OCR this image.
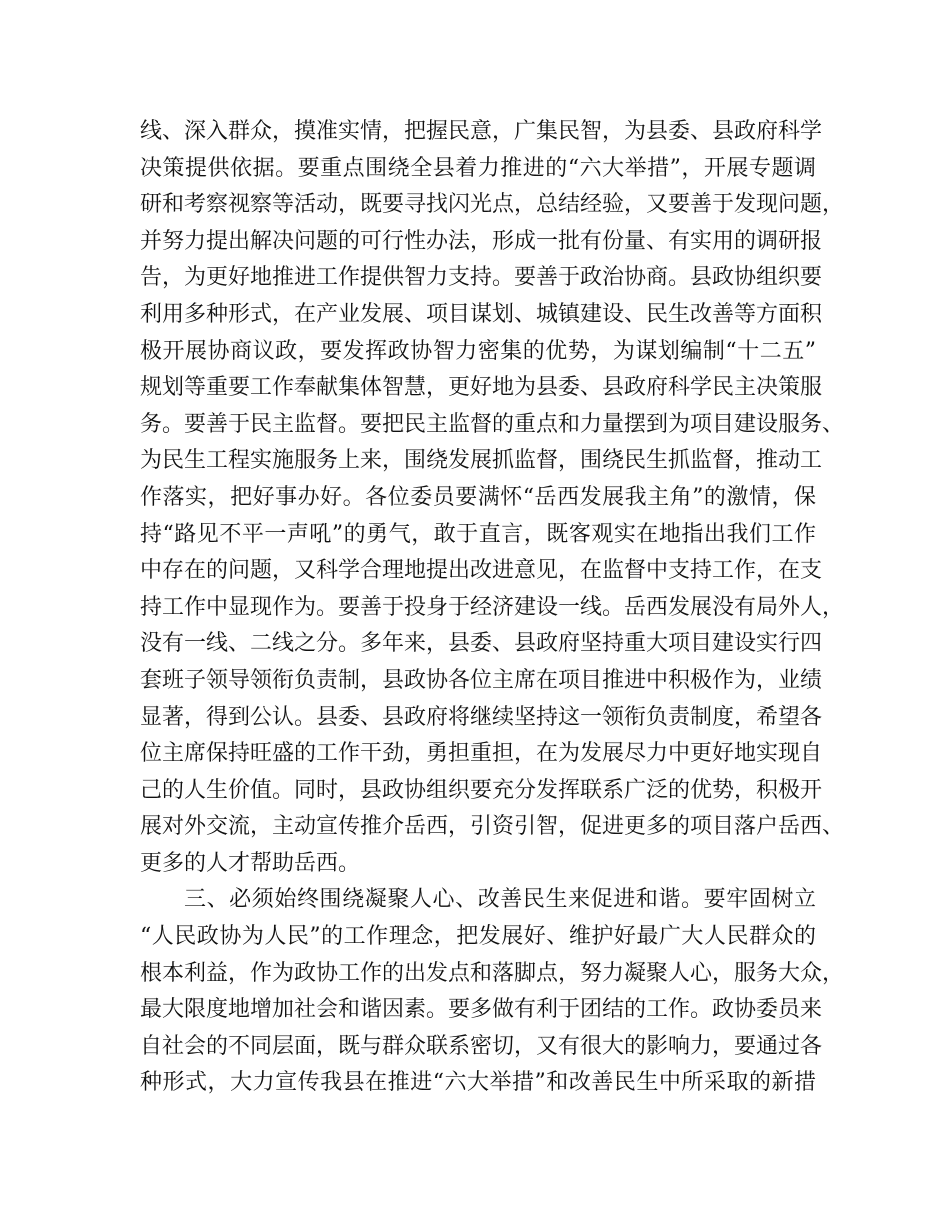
线、深入群众，摸准实情，把握民意，广集民智，为县委、县政府科学
决策提供依据。要重点围绕全县着力推进的“六大举措”，开展专题调
研和考察视察等活动，既要寻找闪光点，总结经验，又要善于发现问题，
并努力提出解决问题的可行性办法，形成一批有份量、有实用的调研报
告，为更好地推进工作提供智力支持。要善于政治协商。县政协组织要
利用多种形式，在产业发展、项目谋划、城镇建设、民生改善等方面积
极开展协商议政，要发挥政协智力密集的优势，为谋划编制“十二五”
规划等重要工作奉献集体智慧，更好地为县委、县政府科学民主决策服
务。要善于民主监督。要把民主监督的重点和力量摆到为项目建设服务、
为民生工程实施服务上来，围绕发展抓监督，围绕民生抓监督，推动工
作落实，把好事办好。各位委员要满怀“岳西发展我主角”的激情，保
持“路见不平一声吼”的勇气，敢于直言，既客观实在地指出我们工作
中存在的问题，又科学合理地提出改进意见，在监督中支持工作，在支
持工作中显现作为。要善于投身于经济建设一线。岳西发展没有局外人，
没有一线、二线之分。多年来，县委、县政府坚持重大项目建设实行四
套班子领导领衔负责制，县政协各位主席在项目推进中积极作为，业绩
显著，得到公认。县委、县政府将继续坚持这一领衔负责制度，希望各
位主席保持旺盛的工作干劲，勇担重担，在为发展尽力中更好地实现自
己的人生价值。同时，县政协组织要充分发挥联系广泛的优势，积极开
展对外交流，主动宣传推介岳西，引资引智，促进更多的项目落户岳西、
更多的人才帮助岳西。
三、必须始终围绕凝聚人心、改善民生来促进和谐。要牢固树立
“人民政协为人民”的工作理念，把发展好、维护好最广大人民群众的
根本利益，作为政协工作的出发点和落脚点，努力凝聚人心，服务大众，
最大限度地增加社会和谐因素。要多做有利于团结的工作。政协委员来
自社会的不同层面，既与群众联系密切，又有很大的影响力，要通过各
种形式，大力宣传我县在推进“六大举措”和改善民生中所采取的新措
